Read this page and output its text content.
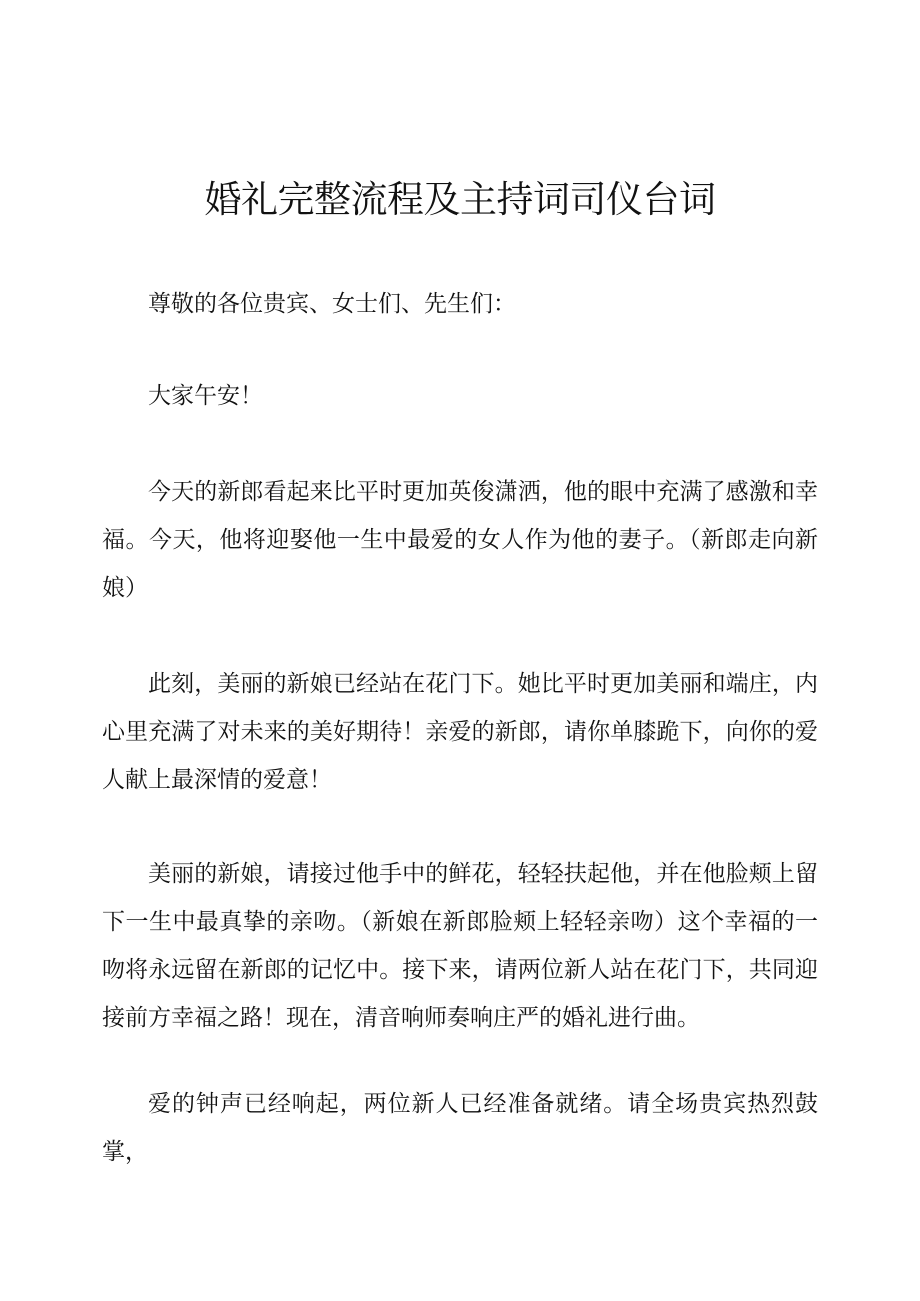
婚礼完整流程及主持词司仪台词

尊敬的各位贵宾、女士们、先生们：

大家午安！

今天的新郎看起来比平时更加英俊潇洒，他的眼中充满了感激和幸福。今天，他将迎娶他一生中最爱的女人作为他的妻子。（新郎走向新娘）

此刻，美丽的新娘已经站在花门下。她比平时更加美丽和端庄，内心里充满了对未来的美好期待！亲爱的新郎，请你单膝跪下，向你的爱人献上最深情的爱意！

美丽的新娘，请接过他手中的鲜花，轻轻扶起他，并在他脸颊上留下一生中最真挚的亲吻。（新娘在新郎脸颊上轻轻亲吻）这个幸福的一吻将永远留在新郎的记忆中。接下来，请两位新人站在花门下，共同迎接前方幸福之路！现在，清音响师奏响庄严的婚礼进行曲。

爱的钟声已经响起，两位新人已经准备就绪。请全场贵宾热烈鼓掌，
